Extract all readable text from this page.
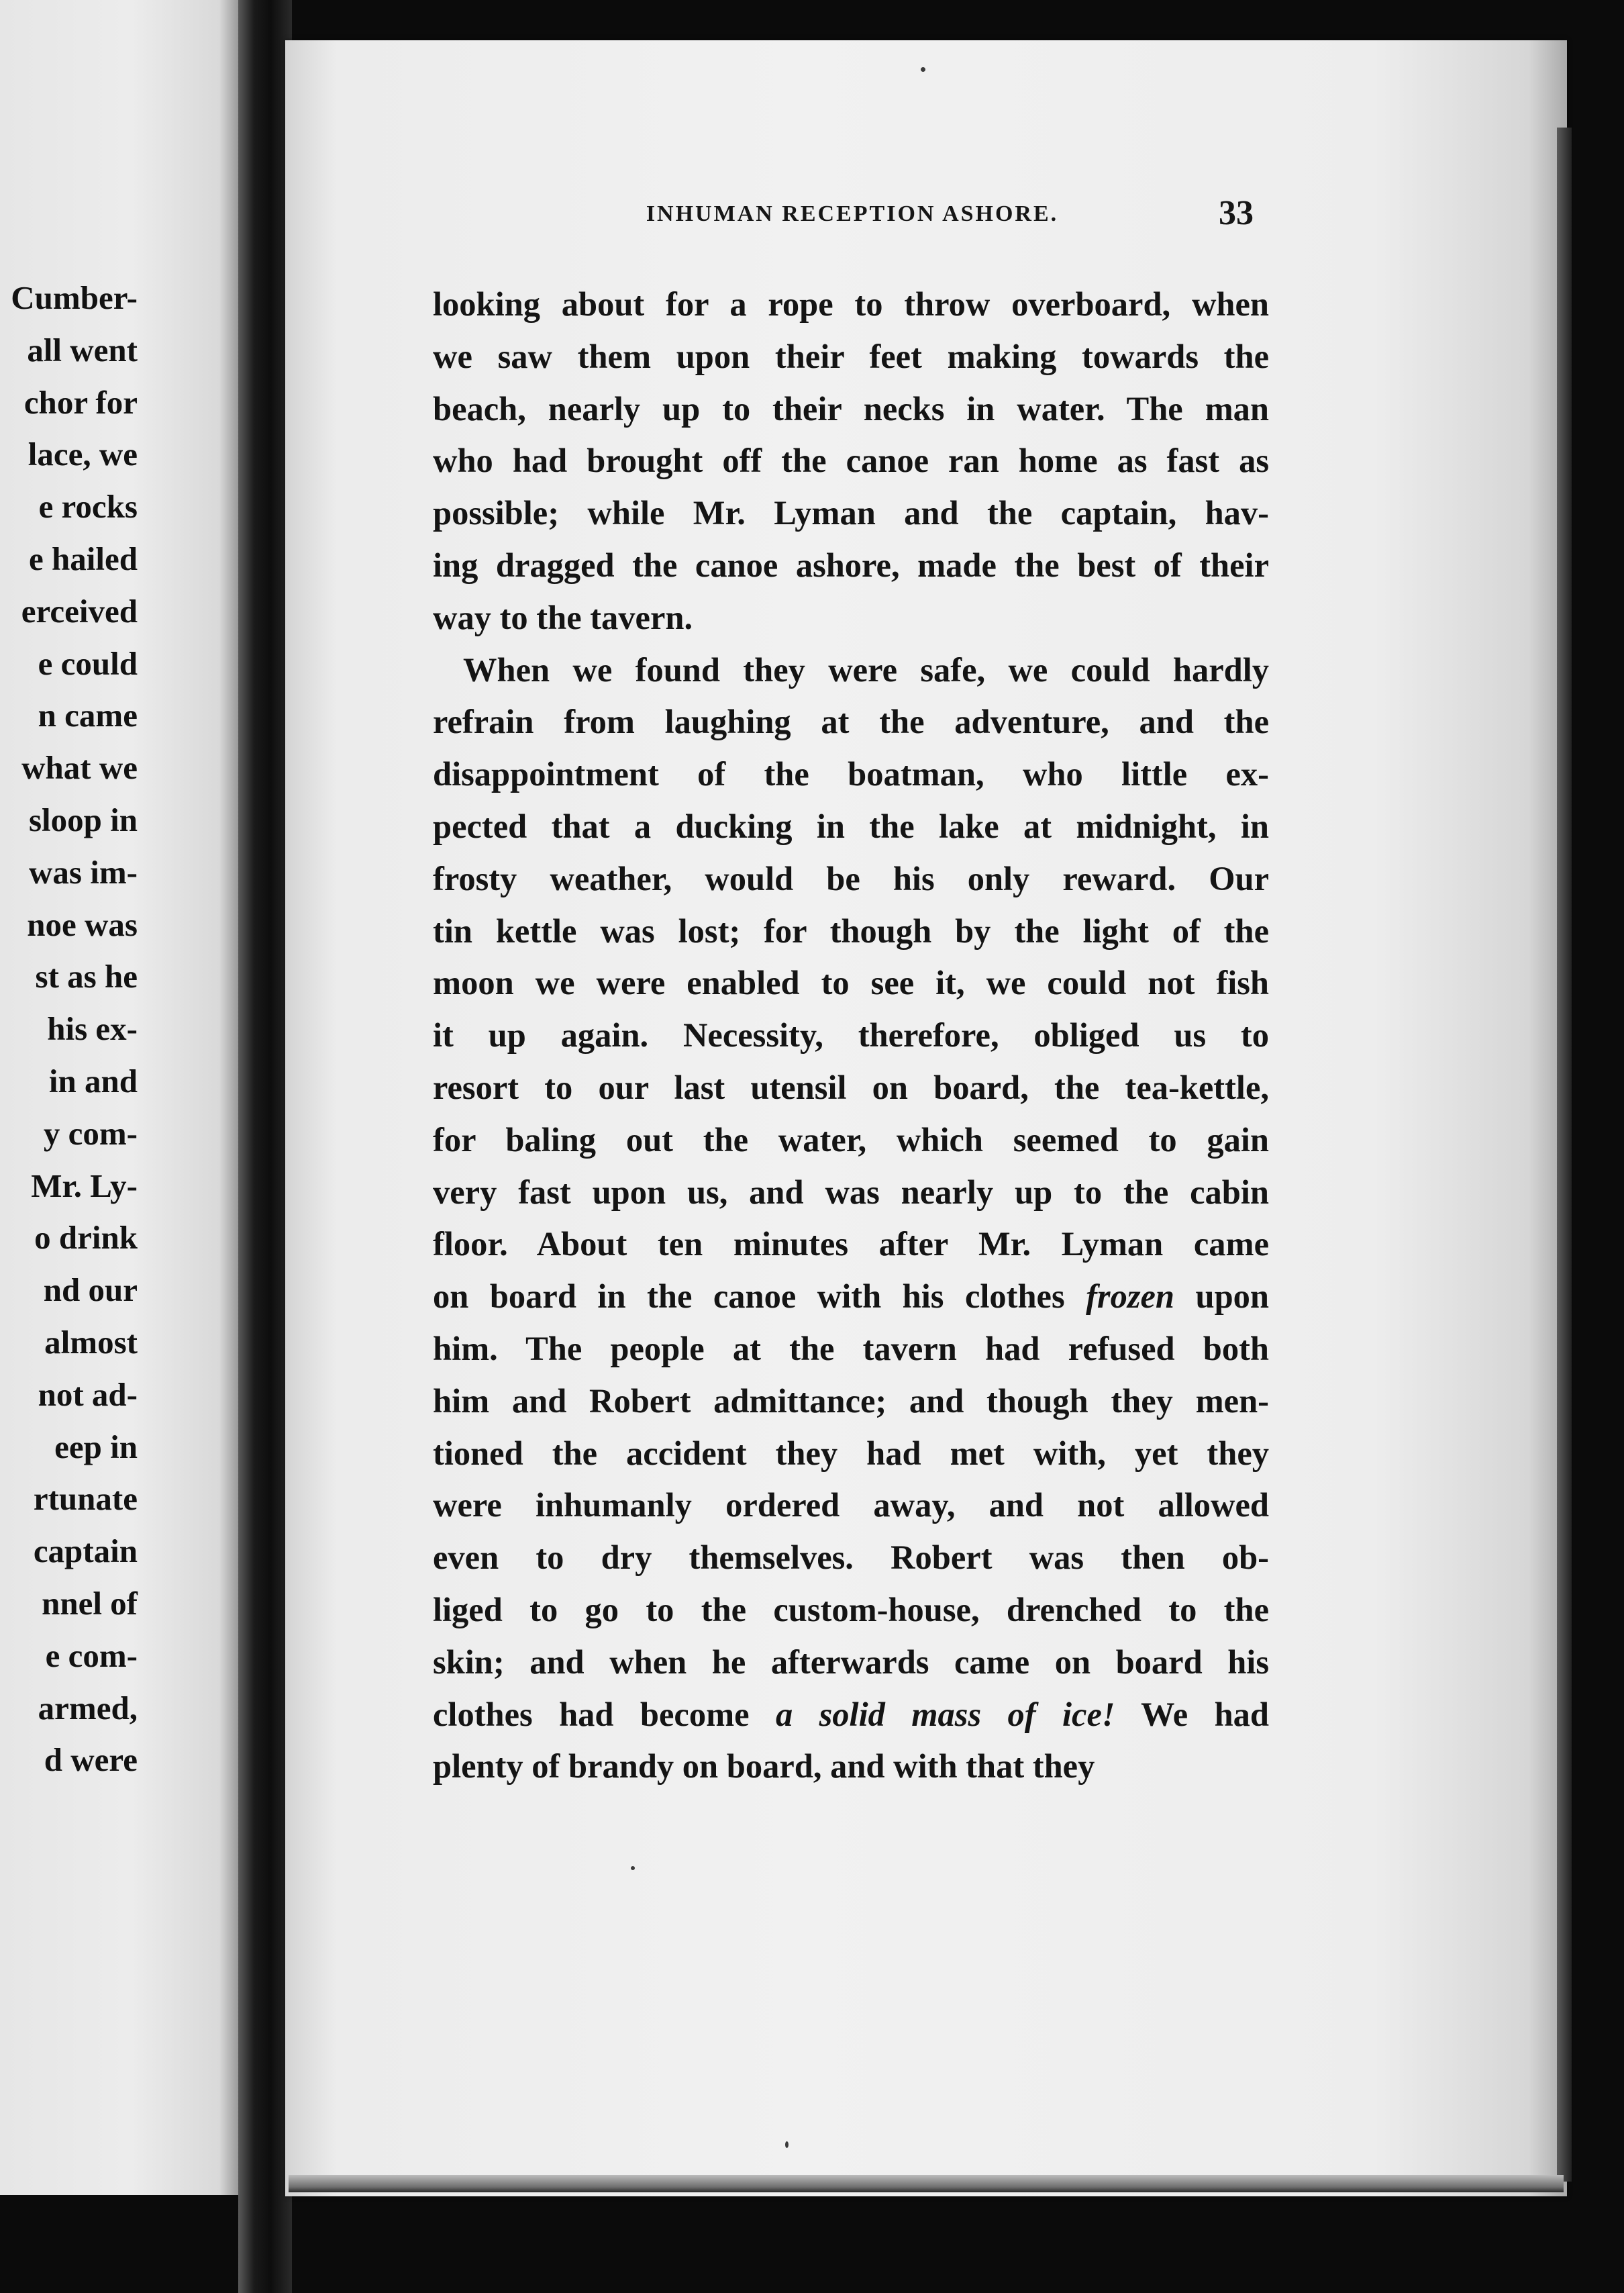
Cumber-
all went
chor for
lace, we
e rocks
e hailed
erceived
e could
n came
what we
sloop in
was im-
noe was
st as he
his ex-
in and
y com-
Mr. Ly-
o drink
nd our
almost
not ad-
eep in
rtunate
captain
nnel of
e com-
armed,
d were
INHUMAN RECEPTION ASHORE.	33
looking about for a rope to throw overboard, when
we saw them upon their feet making towards the
beach, nearly up to their necks in water. The man
who had brought off the canoe ran home as fast as
possible; while Mr. Lyman and the captain, hav-
ing dragged the canoe ashore, made the best of their
way to the tavern.
When we found they were safe, we could hardly
refrain from laughing at the adventure, and the
disappointment of the boatman, who little ex-
pected that a ducking in the lake at midnight, in
frosty weather, would be his only reward. Our
tin kettle was lost; for though by the light of the
moon we were enabled to see it, we could not fish
it up again. Necessity, therefore, obliged us to
resort to our last utensil on board, the tea-kettle,
for baling out the water, which seemed to gain
very fast upon us, and was nearly up to the cabin
floor. About ten minutes after Mr. Lyman came
on board in the canoe with his clothes frozen upon
him. The people at the tavern had refused both
him and Robert admittance; and though they men-
tioned the accident they had met with, yet they
were inhumanly ordered away, and not allowed
even to dry themselves. Robert was then ob-
liged to go to the custom-house, drenched to the
skin; and when he afterwards came on board his
clothes had become a solid mass of ice! We had
plenty of brandy on board, and with that they
